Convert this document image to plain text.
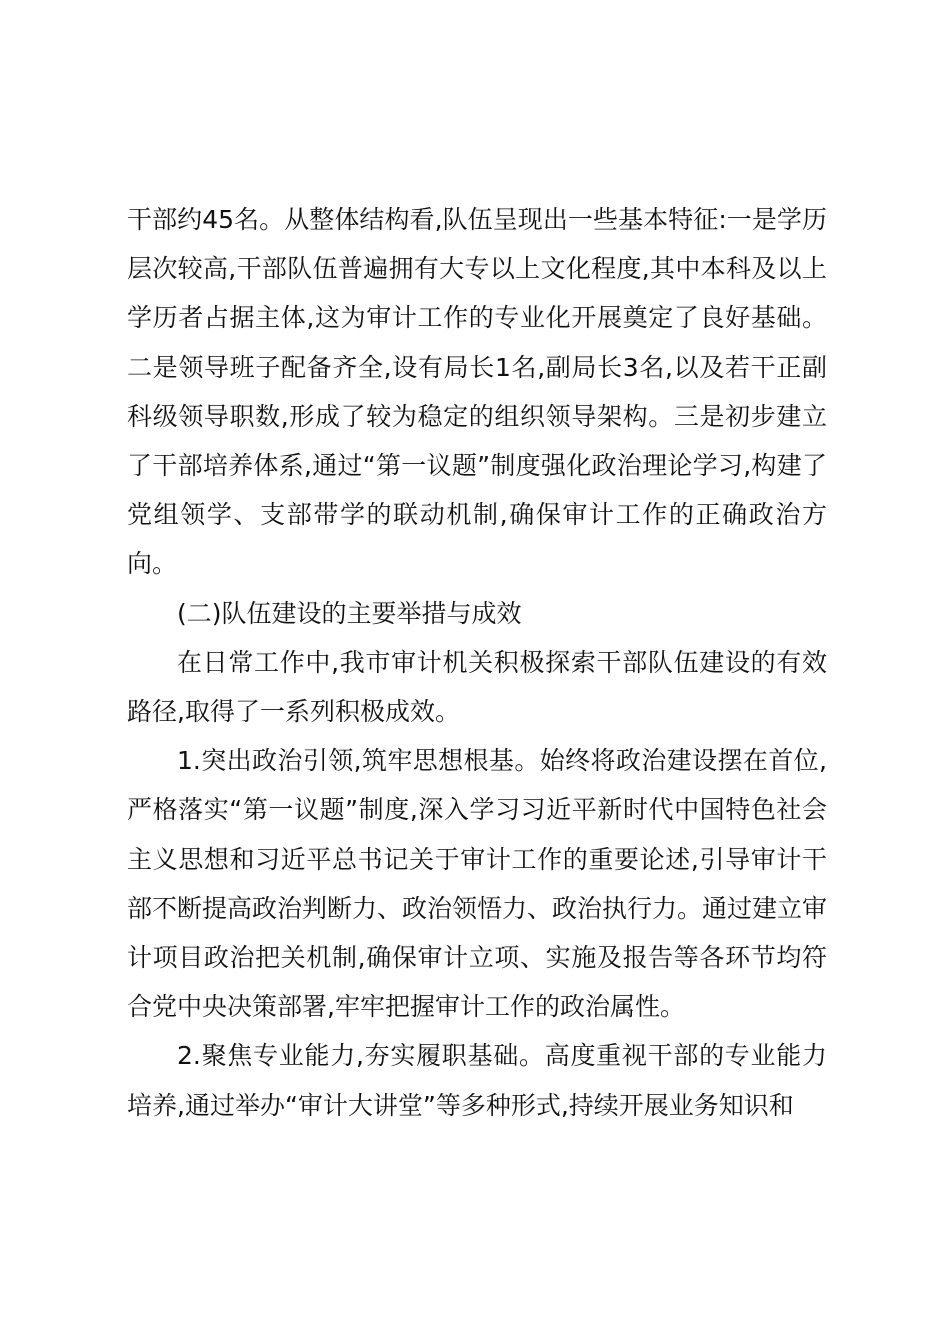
干部约45名。从整体结构看,队伍呈现出一些基本特征:一是学历层次较高,干部队伍普遍拥有大专以上文化程度,其中本科及以上学历者占据主体,这为审计工作的专业化开展奠定了良好基础。二是领导班子配备齐全,设有局长1名,副局长3名,以及若干正副科级领导职数,形成了较为稳定的组织领导架构。三是初步建立了干部培养体系,通过“第一议题”制度强化政治理论学习,构建了党组领学、支部带学的联动机制,确保审计工作的正确政治方向。

(二)队伍建设的主要举措与成效

在日常工作中,我市审计机关积极探索干部队伍建设的有效路径,取得了一系列积极成效。

1.突出政治引领,筑牢思想根基。始终将政治建设摆在首位,严格落实“第一议题”制度,深入学习习近平新时代中国特色社会主义思想和习近平总书记关于审计工作的重要论述,引导审计干部不断提高政治判断力、政治领悟力、政治执行力。通过建立审计项目政治把关机制,确保审计立项、实施及报告等各环节均符合党中央决策部署,牢牢把握审计工作的政治属性。

2.聚焦专业能力,夯实履职基础。高度重视干部的专业能力培养,通过举办“审计大讲堂”等多种形式,持续开展业务知识和
